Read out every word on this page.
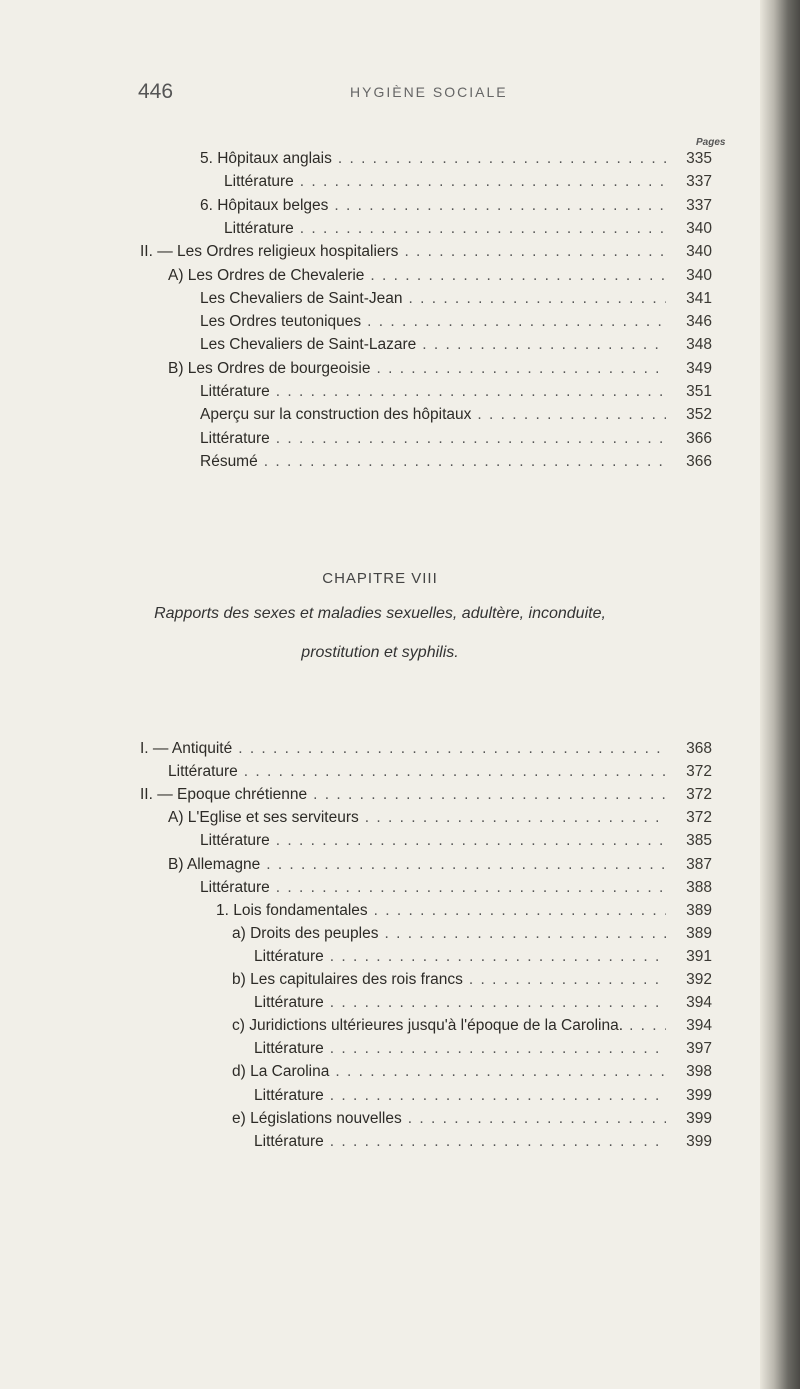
446	HYGIÈNE SOCIALE
Pages
5. Hôpitaux anglais . . .	335
Littérature . . .	337
6. Hôpitaux belges . . .	337
Littérature . . .	340
II. — Les Ordres religieux hospitaliers . . .	340
A) Les Ordres de Chevalerie . . .	340
Les Chevaliers de Saint-Jean . . .	341
Les Ordres teutoniques . . .	346
Les Chevaliers de Saint-Lazare . . .	348
B) Les Ordres de bourgeoisie . . .	349
Littérature . . .	351
Aperçu sur la construction des hôpitaux . . .	352
Littérature . . .	366
Résumé . . .	366
CHAPITRE VIII
Rapports des sexes et maladies sexuelles, adultère, inconduite,
prostitution et syphilis.
I. — Antiquité . . .	368
Littérature . . .	372
II. — Epoque chrétienne . . .	372
A) L'Eglise et ses serviteurs . . .	372
Littérature . . .	385
B) Allemagne . . .	387
Littérature . . .	388
1. Lois fondamentales . . .	389
a) Droits des peuples . . .	389
Littérature . . .	391
b) Les capitulaires des rois francs . . .	392
Littérature . . .	394
c) Juridictions ultérieures jusqu'à l'époque de la Carolina. . . .	394
Littérature . . .	397
d) La Carolina . . .	398
Littérature . . .	399
e) Législations nouvelles . . .	399
Littérature . . .	399
